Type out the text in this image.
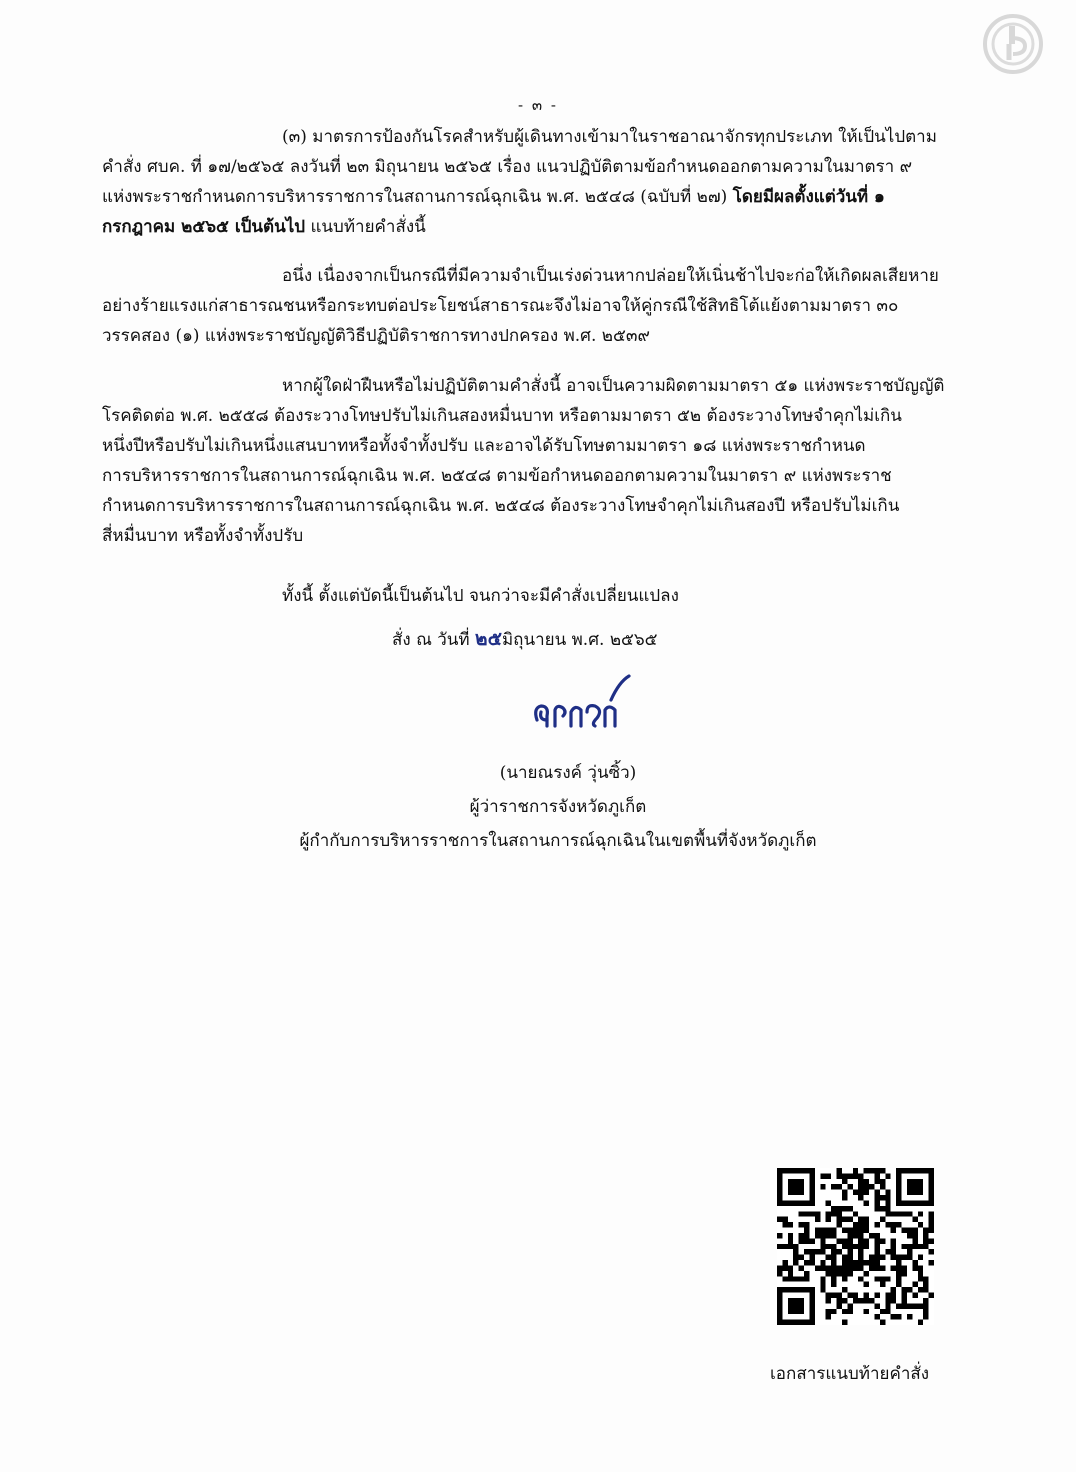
- ๓ -
(๓) มาตรการป้องกันโรคสำหรับผู้เดินทางเข้ามาในราชอาณาจักรทุกประเภท ให้เป็นไปตาม
คำสั่ง ศบค. ที่ ๑๗/๒๕๖๕ ลงวันที่ ๒๓ มิถุนายน ๒๕๖๕ เรื่อง แนวปฏิบัติตามข้อกำหนดออกตามความในมาตรา ๙
แห่งพระราชกำหนดการบริหารราชการในสถานการณ์ฉุกเฉิน พ.ศ. ๒๕๔๘ (ฉบับที่ ๒๗) โดยมีผลตั้งแต่วันที่ ๑
กรกฎาคม ๒๕๖๕ เป็นต้นไป แนบท้ายคำสั่งนี้
อนึ่ง เนื่องจากเป็นกรณีที่มีความจำเป็นเร่งด่วนหากปล่อยให้เนิ่นช้าไปจะก่อให้เกิดผลเสียหาย
อย่างร้ายแรงแก่สาธารณชนหรือกระทบต่อประโยชน์สาธารณะจึงไม่อาจให้คู่กรณีใช้สิทธิโต้แย้งตามมาตรา ๓๐
วรรคสอง (๑) แห่งพระราชบัญญัติวิธีปฏิบัติราชการทางปกครอง พ.ศ. ๒๕๓๙
หากผู้ใดฝ่าฝืนหรือไม่ปฏิบัติตามคำสั่งนี้ อาจเป็นความผิดตามมาตรา ๕๑ แห่งพระราชบัญญัติ
โรคติดต่อ พ.ศ. ๒๕๕๘ ต้องระวางโทษปรับไม่เกินสองหมื่นบาท หรือตามมาตรา ๕๒ ต้องระวางโทษจำคุกไม่เกิน
หนึ่งปีหรือปรับไม่เกินหนึ่งแสนบาทหรือทั้งจำทั้งปรับ และอาจได้รับโทษตามมาตรา ๑๘ แห่งพระราชกำหนด
การบริหารราชการในสถานการณ์ฉุกเฉิน พ.ศ. ๒๕๔๘ ตามข้อกำหนดออกตามความในมาตรา ๙ แห่งพระราช
กำหนดการบริหารราชการในสถานการณ์ฉุกเฉิน พ.ศ. ๒๕๔๘ ต้องระวางโทษจำคุกไม่เกินสองปี หรือปรับไม่เกิน
สี่หมื่นบาท หรือทั้งจำทั้งปรับ
ทั้งนี้ ตั้งแต่บัดนี้เป็นต้นไป จนกว่าจะมีคำสั่งเปลี่ยนแปลง
สั่ง ณ วันที่ ๒๕มิถุนายน พ.ศ. ๒๕๖๕
(นายณรงค์ วุ่นซิ้ว)
ผู้ว่าราชการจังหวัดภูเก็ต
ผู้กำกับการบริหารราชการในสถานการณ์ฉุกเฉินในเขตพื้นที่จังหวัดภูเก็ต
เอกสารแนบท้ายคำสั่ง
